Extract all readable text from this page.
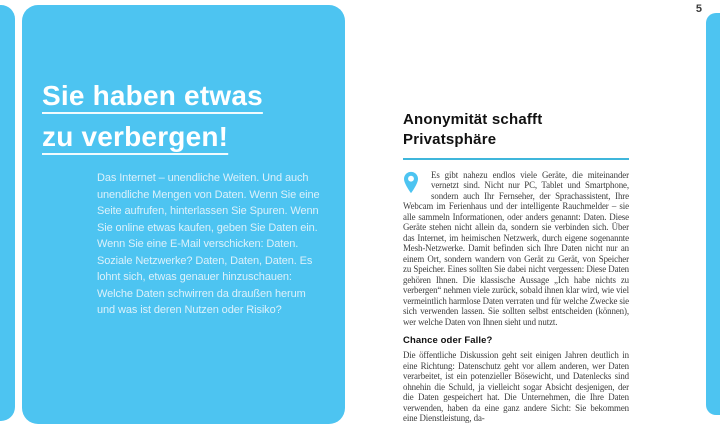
Sie haben etwas
zu verbergen!

Das Internet – unendliche Weiten. Und auch unendliche Mengen von Daten. Wenn Sie eine Seite aufrufen, hinterlassen Sie Spuren. Wenn Sie online etwas kaufen, geben Sie Daten ein. Wenn Sie eine E-Mail verschicken: Daten. Soziale Netzwerke? Daten, Daten, Daten. Es lohnt sich, etwas genauer hinzuschauen: Welche Daten schwirren da draußen herum und was ist deren Nutzen oder Risiko?

5
Anonymität schafft
Privatsphäre
Es gibt nahezu endlos viele Geräte, die miteinander vernetzt sind. Nicht nur PC, Tablet und Smartphone, sondern auch Ihr Fernseher, der Sprachassistent, Ihre Webcam im Ferienhaus und der intelligente Rauchmelder – sie alle sammeln Informationen, oder anders genannt: Daten. Diese Geräte stehen nicht allein da, sondern sie verbinden sich. Über das Internet, im heimischen Netzwerk, durch eigene sogenannte Mesh-Netzwerke. Damit befinden sich Ihre Daten nicht nur an einem Ort, sondern wandern von Gerät zu Gerät, von Speicher zu Speicher. Eines sollten Sie dabei nicht vergessen: Diese Daten gehören Ihnen. Die klassische Aussage „Ich habe nichts zu verbergen“ nehmen viele zurück, sobald ihnen klar wird, wie viel vermeintlich harmlose Daten verraten und für welche Zwecke sie sich verwenden lassen. Sie sollten selbst entscheiden (können), wer welche Daten von Ihnen sieht und nutzt.
Chance oder Falle?

Die öffentliche Diskussion geht seit einigen Jahren deutlich in eine Richtung: Datenschutz geht vor allem anderen, wer Daten verarbeitet, ist ein potenzieller Bösewicht, und Datenlecks sind ohnehin die Schuld, ja vielleicht sogar Absicht desjenigen, der die Daten gespeichert hat. Die Unternehmen, die Ihre Daten verwenden, haben da eine ganz andere Sicht: Sie bekommen eine Dienstleistung, da-
